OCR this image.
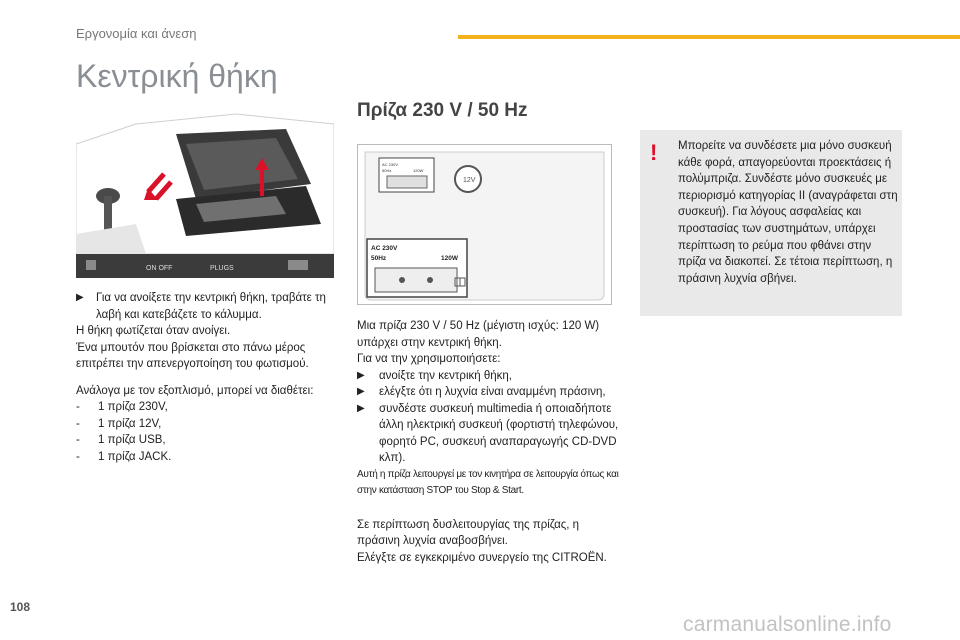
Εργονομία και άνεση
Κεντρική θήκη
ON OFF	PLUGS
▶	Για να ανοίξετε την κεντρική θήκη, τραβάτε τη λαβή και κατεβάζετε το κάλυμμα.

Η θήκη φωτίζεται όταν ανοίγει.

Ένα μπουτόν που βρίσκεται στο πάνω μέρος επιτρέπει την απενεργοποίηση του φωτισμού.

Ανάλογα με τον εξοπλισμό, μπορεί να διαθέτει:

-	1 πρίζα 230V,
-	1 πρίζα 12V,
-	1 πρίζα USB,
-	1 πρίζα JACK.
Πρίζα 230 V / 50 Hz
AC 230V
50Hz	120W
12V
AC 230V
50Hz	120W

Μια πρίζα 230 V / 50 Hz (μέγιστη ισχύς: 120 W) υπάρχει στην κεντρική θήκη.

Για να την χρησιμοποιήσετε:

▶	ανοίξτε την κεντρική θήκη,
▶	ελέγξτε ότι η λυχνία είναι αναμμένη πράσινη,
▶	συνδέστε συσκευή multimedia ή οποιαδήποτε άλλη ηλεκτρική συσκευή (φορτιστή τηλεφώνου, φορητό PC, συσκευή αναπαραγωγής CD-DVD κλπ).

Αυτή η πρίζα λειτουργεί με τον κινητήρα σε λειτουργία όπως και στην κατάσταση STOP του Stop & Start.

Σε περίπτωση δυσλειτουργίας της πρίζας, η πράσινη λυχνία αναβοσβήνει.

Ελέγξτε σε εγκεκριμένο συνεργείο της CITROËN.

! Μπορείτε να συνδέσετε μια μόνο συσκευή κάθε φορά, απαγορεύονται προεκτάσεις ή πολύμπριζα. Συνδέστε μόνο συσκευές με περιορισμό κατηγορίας ΙΙ (αναγράφεται στη συσκευή). Για λόγους ασφαλείας και προστασίας των συστημάτων, υπάρχει περίπτωση το ρεύμα που φθάνει στην πρίζα να διακοπεί. Σε τέτοια περίπτωση, η πράσινη λυχνία σβήνει.
108
carmanualsonline.info
